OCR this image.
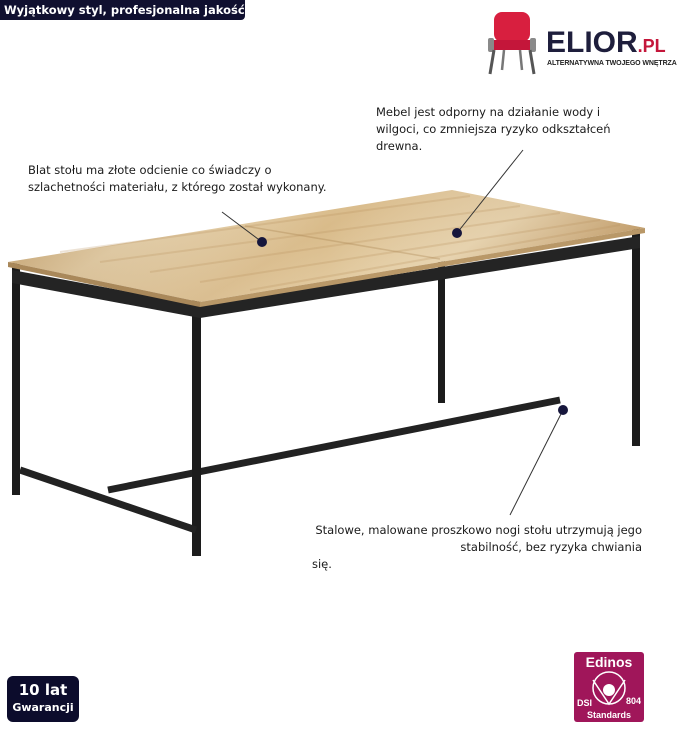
Wyjątkowy styl, profesjonalna jakość!
ELIOR.PL
ALTERNATYWNA TWOJEGO WNĘTRZA
Mebel jest odporny na działanie wody i wilgoci, co zmniejsza ryzyko odkształceń drewna.
Blat stołu ma złote odcienie co świadczy o szlachetności materiału, z którego został wykonany.
Stalowe, malowane proszkowo nogi stołu utrzymują jego stabilność, bez ryzyka chwiania
się.
10 lat
Gwarancji
Edinos
DSI	804
Standards
